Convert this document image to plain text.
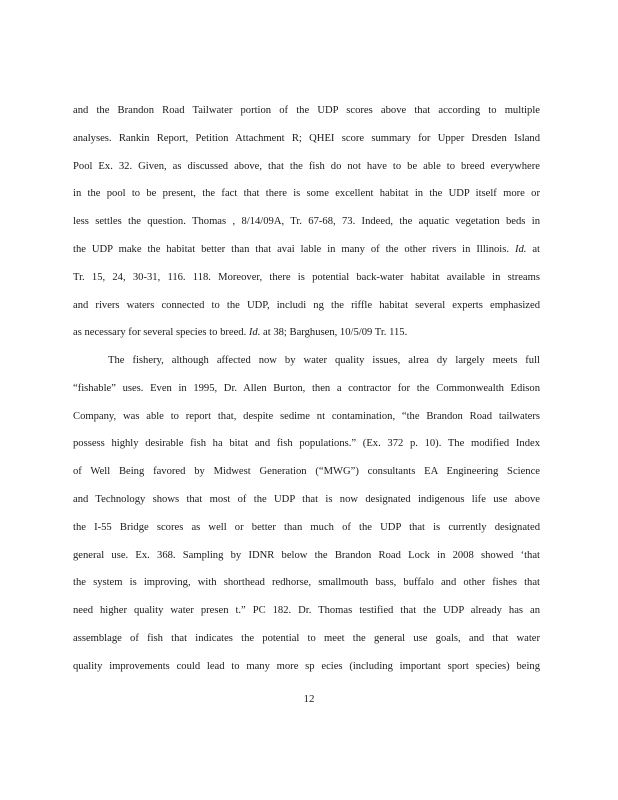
and the Brandon Road Tailwater portion of the UDP scores above that according to multiple
analyses. Rankin Report, Petition Attachment R; QHEI score summary for Upper Dresden Island
Pool Ex. 32. Given, as discussed above, that the fish do not have to be able to breed everywhere
in the pool to be present, the fact that there is some excellent habitat in the UDP itself more or
less settles the question. Thomas , 8/14/09A, Tr. 67-68, 73. Indeed, the aquatic vegetation beds in
the UDP make the habitat better than that avai lable in many of the other rivers in Illinois. Id. at
Tr. 15, 24, 30-31, 116. 118. Moreover, there is potential back-water habitat available in streams
and rivers waters connected to the UDP, includi ng the riffle habitat several experts emphasized
as necessary for several species to breed. Id. at 38; Barghusen, 10/5/09 Tr. 115.
The fishery, although affected now by water quality issues, alrea dy largely meets full
“fishable” uses. Even in 1995, Dr. Allen Burton, then a contractor for the Commonwealth Edison
Company, was able to report that, despite sedime nt contamination, “the Brandon Road tailwaters
possess highly desirable fish ha bitat and fish populations.” (Ex. 372 p. 10). The modified Index
of Well Being favored by Midwest Generation (“MWG”) consultants EA Engineering Science
and Technology shows that most of the UDP that is now designated indigenous life use above
the I-55 Bridge scores as well or better than much of the UDP that is currently designated
general use. Ex. 368. Sampling by IDNR below the Brandon Road Lock in 2008 showed ‘that
the system is improving, with shorthead redhorse, smallmouth bass, buffalo and other fishes that
need higher quality water presen t.” PC 182. Dr. Thomas testified that the UDP already has an
assemblage of fish that indicates the potential to meet the general use goals, and that water
quality improvements could lead to many more sp ecies (including important sport species) being
12
